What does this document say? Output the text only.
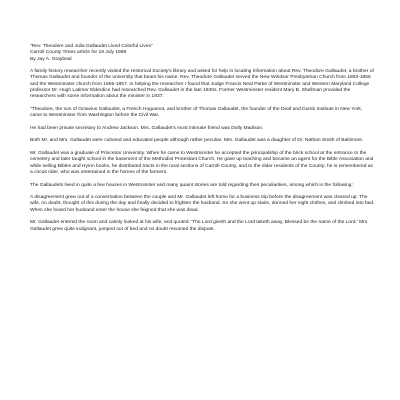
"Rev. Theodore and Julia Gallaudet Lived Colorful Lives"
Carroll County Times article for 18 July 1999
By Jay A. Graybeal

A family history researcher recently visited the Historical Society's library and asked for help in locating information about Rev. Theodore Gallaudet, a brother of Thomas Gallaudet and founder of the university that bears his name. Rev. Theodore Gallaudet served the New Windsor Presbyterian Church from 1853-1855 and the Westminster church from 1856-1857. In helping the researcher I found that Judge Francis Neal Parke of Westminster and Western Maryland College professor Dr. Hugh Latimer Elderdice had researched Rev. Gallaudet in the late 1930s. Former Westminster resident Mary B. Shellman provided the researchers with some information about the minister in 1937:

"Theodore, the son of Octavius Gallaudet, a French Huguenot, and brother of Thomas Gallaudet, the founder of the Deaf and Dumb Institute in New York, came to Westminster from Washington before the Civil War.

He had been private secretary to Andrew Jackson. Mrs. Gallaudet's most intimate friend was Dolly Madison.

Both Mr. and Mrs. Gallaudet were cultured and educated people although rather peculiar. Mrs. Gallaudet was a daughter of Dr. Nathan Smith of Baltimore.

Mr. Gallaudet was a graduate of Princeton University. When he came to Westminster he accepted the principalship of the brick school at the entrance to the cemetery and later taught school in the basement of the Methodist Protestant Church. He gave up teaching and became an agent for the Bible Association and while selling Bibles and Hymn books, he distributed tracts in the rural sections of Carroll County, and to the older residents of the County; he is remembered as a circuit rider, who was entertained in the homes of the farmers.

The Gallaudets lived in quite a few houses in Westminster and many quaint stories are told regarding their peculiarities, among which is the following:

A disagreement grew out of a conversation between the couple and Mr. Gallaudet left home for a business trip before the disagreement was cleared up. The wife, no doubt, thought of this during the day and finally decided to frighten the husband. So she went up stairs, donned her night clothes, and climbed into bed. When she heard her husband enter the house she feigned that she was dead.

Mr. Gallaudet entered the room and calmly looked at his wife, and quoted: 'The Lord giveth and the Lord taketh away, Blessed be the name of the Lord.' Mrs. Gallaudet grew quite indignant, jumped out of bed and no doubt resumed the dispute.
